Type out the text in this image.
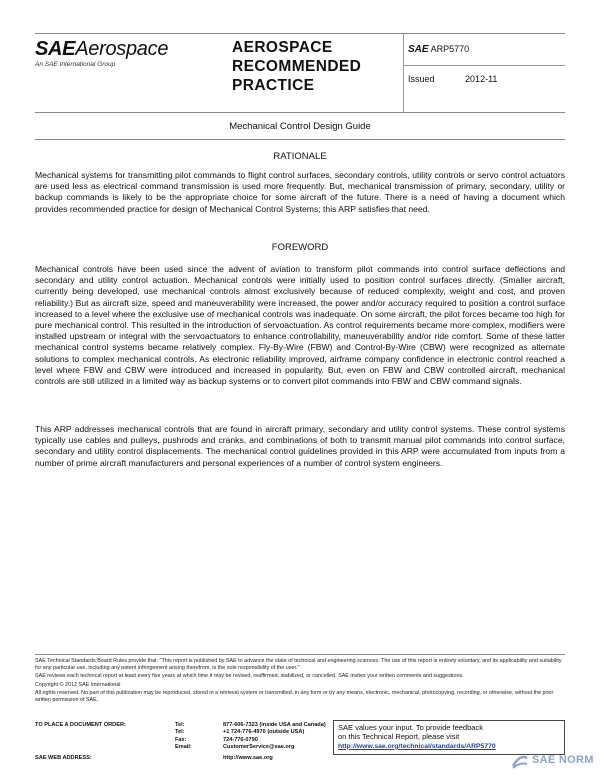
SAEAerospace
An SAE International Group
AEROSPACE
RECOMMENDED
PRACTICE
SAE ARP5770
Issued	2012-11
Mechanical Control Design Guide
RATIONALE
Mechanical systems for transmitting pilot commands to flight control surfaces, secondary controls, utility controls or servo control actuators are used less as electrical command transmission is used more frequently. But, mechanical transmission of primary, secondary, utility or backup commands is likely to be the appropriate choice for some aircraft of the future. There is a need of having a document which provides recommended practice for design of Mechanical Control Systems; this ARP satisfies that need.
FOREWORD
Mechanical controls have been used since the advent of aviation to transform pilot commands into control surface deflections and secondary and utility control actuation. Mechanical controls were initially used to position control surfaces directly. (Smaller aircraft, currently being developed, use mechanical controls almost exclusively because of reduced complexity, weight and cost, and proven reliability.) But as aircraft size, speed and maneuverability were increased, the power and/or accuracy required to position a control surface increased to a level where the exclusive use of mechanical controls was inadequate. On some aircraft, the pilot forces became too high for pure mechanical control. This resulted in the introduction of servoactuation. As control requirements became more complex, modifiers were installed upstream or integral with the servoactuators to enhance controllability, maneuverability and/or ride comfort. Some of these latter mechanical control systems became relatively complex. Fly-By-Wire (FBW) and Control-By-Wire (CBW) were recognized as alternate solutions to complex mechanical controls. As electronic reliability improved, airframe company confidence in electronic control reached a level where FBW and CBW were introduced and increased in popularity. But, even on FBW and CBW controlled aircraft, mechanical controls are still utilized in a limited way as backup systems or to convert pilot commands into FBW and CBW command signals.
This ARP addresses mechanical controls that are found in aircraft primary, secondary and utility control systems. These control systems typically use cables and pulleys, pushrods and cranks, and combinations of both to transmit manual pilot commands into control surface, secondary and utility control displacements. The mechanical control guidelines provided in this ARP were accumulated from inputs from a number of prime aircraft manufacturers and personal experiences of a number of control system engineers.
SAE Technical Standards Board Rules provide that: "This report is published by SAE to advance the state of technical and engineering sciences. The use of this report is entirely voluntary, and its applicability and suitability for any particular use, including any patent infringement arising therefrom, is the sole responsibility of the user."
SAE reviews each technical report at least every five years at which time it may be revised, reaffirmed, stabilized, or cancelled. SAE invites your written comments and suggestions.
Copyright © 2012 SAE International
All rights reserved. No part of this publication may be reproduced, stored in a retrieval system or transmitted, in any form or by any means, electronic, mechanical, photocopying, recording, or otherwise, without the prior written permission of SAE.
TO PLACE A DOCUMENT ORDER:	Tel:	877-606-7323 (inside USA and Canada)
Tel:	+1 724-776-4970 (outside USA)
Fax:	724-776-0790
Email:	CustomerService@sae.org
SAE WEB ADDRESS:	http://www.sae.org
SAE values your input. To provide feedback
on this Technical Report, please visit
http://www.sae.org/technical/standards/ARP5770
SAE NORM
